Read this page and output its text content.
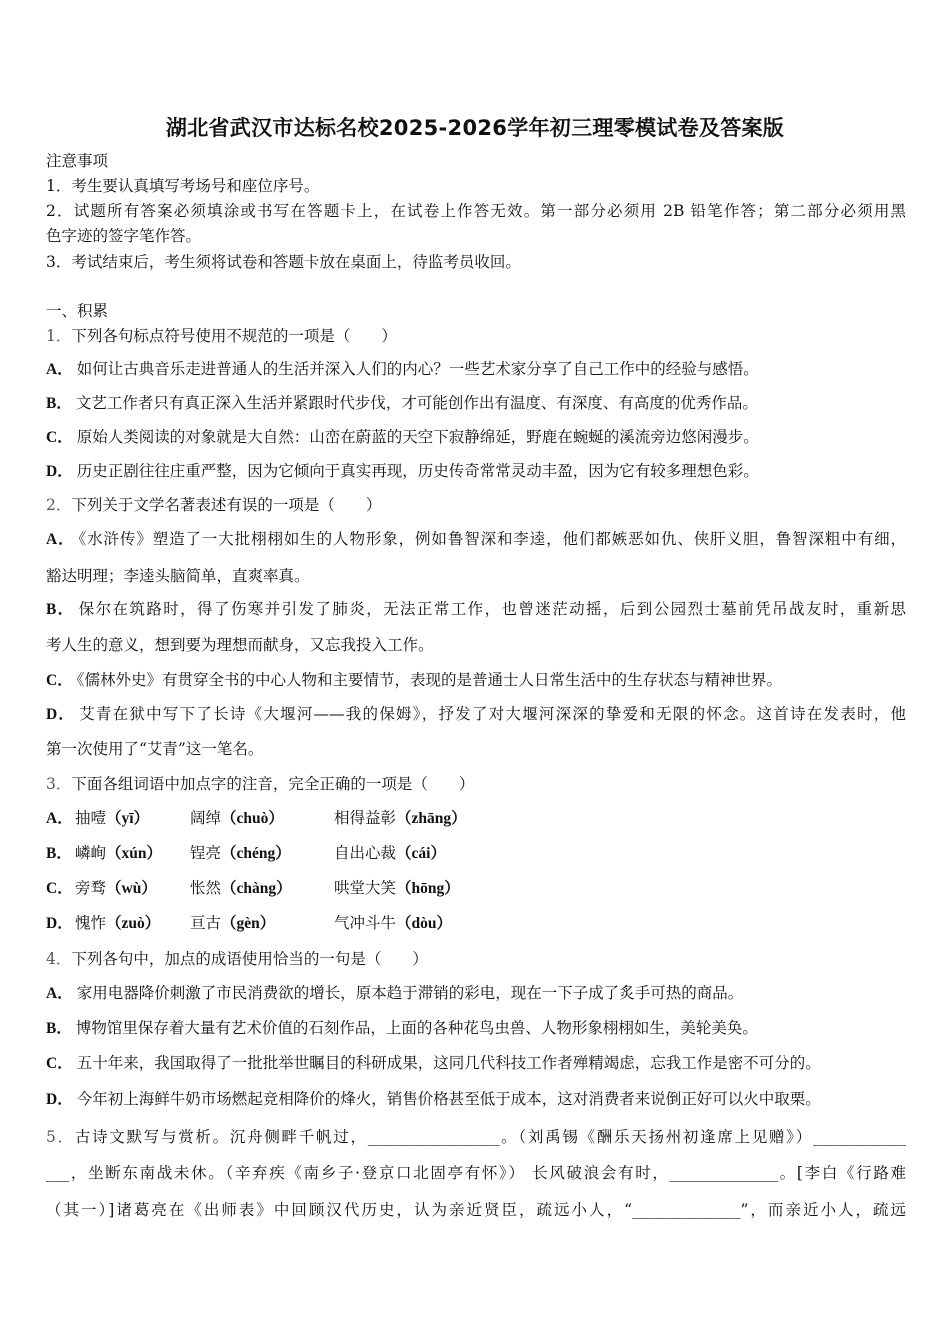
湖北省武汉市达标名校2025-2026学年初三理零模试卷及答案版
注意事项
1．考生要认真填写考场号和座位序号。
2．试题所有答案必须填涂或书写在答题卡上，在试卷上作答无效。第一部分必须用 2B 铅笔作答；第二部分必须用黑
色字迹的签字笔作答。
3．考试结束后，考生须将试卷和答题卡放在桌面上，待监考员收回。
一、积累
1．下列各句标点符号使用不规范的一项是（　　）
A． 如何让古典音乐走进普通人的生活并深入人们的内心？一些艺术家分享了自己工作中的经验与感悟。
B． 文艺工作者只有真正深入生活并紧跟时代步伐，才可能创作出有温度、有深度、有高度的优秀作品。
C． 原始人类阅读的对象就是大自然：山峦在蔚蓝的天空下寂静绵延，野鹿在蜿蜒的溪流旁边悠闲漫步。
D． 历史正剧往往庄重严整，因为它倾向于真实再现，历史传奇常常灵动丰盈，因为它有较多理想色彩。
2．下列关于文学名著表述有误的一项是（　　）
A． 《水浒传》塑造了一大批栩栩如生的人物形象，例如鲁智深和李逵，他们都嫉恶如仇、侠肝义胆，鲁智深粗中有细，
豁达明理；李逵头脑简单，直爽率真。
B． 保尔在筑路时，得了伤寒并引发了肺炎，无法正常工作，也曾迷茫动摇，后到公园烈士墓前凭吊战友时，重新思
考人生的意义，想到要为理想而献身，又忘我投入工作。
C． 《儒林外史》有贯穿全书的中心人物和主要情节，表现的是普通士人日常生活中的生存状态与精神世界。
D． 艾青在狱中写下了长诗《大堰河——我的保姆》，抒发了对大堰河深深的挚爱和无限的怀念。这首诗在发表时，他
第一次使用了“艾青”这一笔名。
3．下面各组词语中加点字的注音，完全正确的一项是（　　）
A． 抽噎（yī）	阔绰（chuò）	相得益彰（zhāng）
B． 嶙峋（xún） 锃亮（chéng）	自出心裁（cái）
C． 旁骛（wù） 怅然（chàng）	哄堂大笑（hōng）
D． 愧怍（zuò） 亘古（gèn）	气冲斗牛（dòu）
4．下列各句中，加点的成语使用恰当的一句是（　　）
A． 家用电器降价刺激了市民消费欲的增长，原本趋于滞销的彩电，现在一下子成了炙手可热的商品。
B． 博物馆里保存着大量有艺术价值的石刻作品，上面的各种花鸟虫兽、人物形象栩栩如生，美轮美奂。
C． 五十年来，我国取得了一批批举世瞩目的科研成果，这同几代科技工作者殚精竭虑，忘我工作是密不可分的。
D． 今年初上海鲜牛奶市场燃起竞相降价的烽火，销售价格甚至低于成本，这对消费者来说倒正好可以火中取栗。
5．古诗文默写与赏析。沉舟侧畔千帆过，_________________。（刘禹锡《酬乐天扬州初逢席上见赠》）____________
___，坐断东南战未休。（辛弃疾《南乡子·登京口北固亭有怀》） 长风破浪会有时，______________。[李白《行路难
（其一）]诸葛亮在《出师表》中回顾汉代历史，认为亲近贤臣，疏远小人，“______________”，而亲近小人，疏远
